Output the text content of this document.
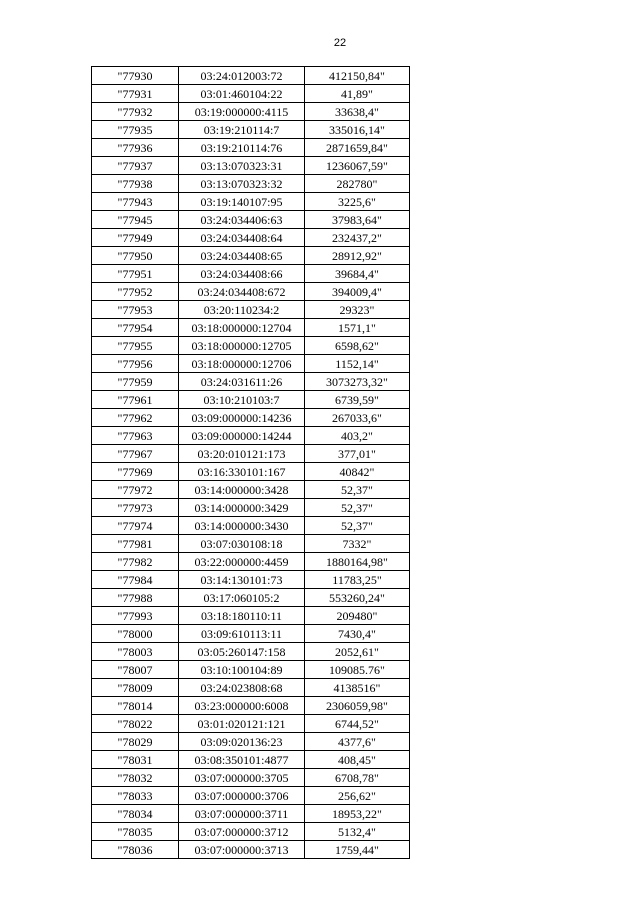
22
"77930	03:24:012003:72	412150,84"
"77931	03:01:460104:22	41,89"
"77932	03:19:000000:4115	33638,4"
"77935	03:19:210114:7	335016,14"
"77936	03:19:210114:76	2871659,84"
"77937	03:13:070323:31	1236067,59"
"77938	03:13:070323:32	282780"
"77943	03:19:140107:95	3225,6"
"77945	03:24:034406:63	37983,64"
"77949	03:24:034408:64	232437,2"
"77950	03:24:034408:65	28912,92"
"77951	03:24:034408:66	39684,4"
"77952	03:24:034408:672	394009,4"
"77953	03:20:110234:2	29323"
"77954	03:18:000000:12704	1571,1"
"77955	03:18:000000:12705	6598,62"
"77956	03:18:000000:12706	1152,14"
"77959	03:24:031611:26	3073273,32"
"77961	03:10:210103:7	6739,59"
"77962	03:09:000000:14236	267033,6"
"77963	03:09:000000:14244	403,2"
"77967	03:20:010121:173	377,01"
"77969	03:16:330101:167	40842"
"77972	03:14:000000:3428	52,37"
"77973	03:14:000000:3429	52,37"
"77974	03:14:000000:3430	52,37"
"77981	03:07:030108:18	7332"
"77982	03:22:000000:4459	1880164,98"
"77984	03:14:130101:73	11783,25"
"77988	03:17:060105:2	553260,24"
"77993	03:18:180110:11	209480"
"78000	03:09:610113:11	7430,4"
"78003	03:05:260147:158	2052,61"
"78007	03:10:100104:89	109085.76"
"78009	03:24:023808:68	4138516"
"78014	03:23:000000:6008	2306059,98"
"78022	03:01:020121:121	6744,52"
"78029	03:09:020136:23	4377,6"
"78031	03:08:350101:4877	408,45"
"78032	03:07:000000:3705	6708,78"
"78033	03:07:000000:3706	256,62"
"78034	03:07:000000:3711	18953,22"
"78035	03:07:000000:3712	5132,4"
"78036	03:07:000000:3713	1759,44"
